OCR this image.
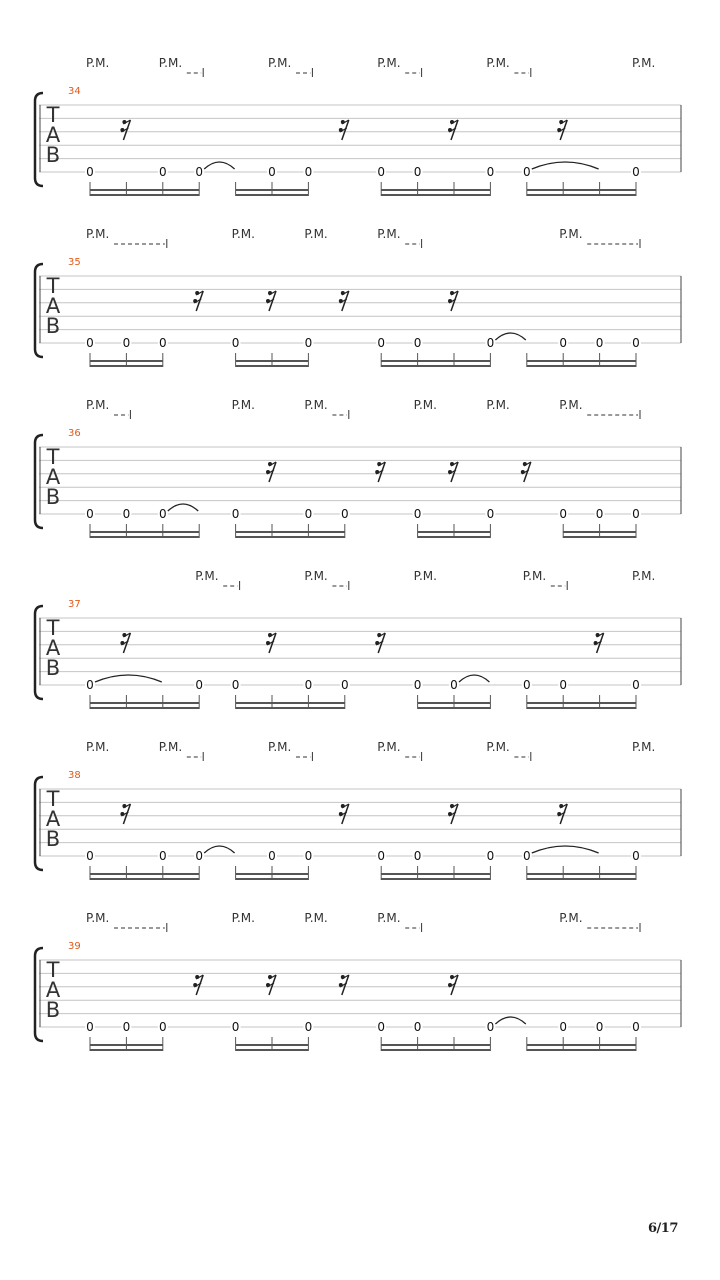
T
A
B
34
P.M.	P.M.	P.M.	P.M.	P.M.	P.M.
0	0 0	0 0	0 0	0 0	0
T
A
B
35
P.M.	P.M.	P.M.	P.M.	P.M.
0 0 0	0	0	0 0	0	0 0 0
T
A
B
36
P.M.	P.M.	P.M.	P.M.	P.M.	P.M.
0 0 0	0	0 0	0	0	0 0 0
T
A
B
37
P.M.	P.M.	P.M.	P.M.	P.M.
0	0 0	0 0	0 0	0 0	0
T
A
B
38
P.M.	P.M.	P.M.	P.M.	P.M.	P.M.
0	0 0	0 0	0 0	0 0	0
T
A
B
39
P.M.	P.M.	P.M.	P.M.	P.M.
0 0 0	0	0	0 0	0	0 0 0
6/17
